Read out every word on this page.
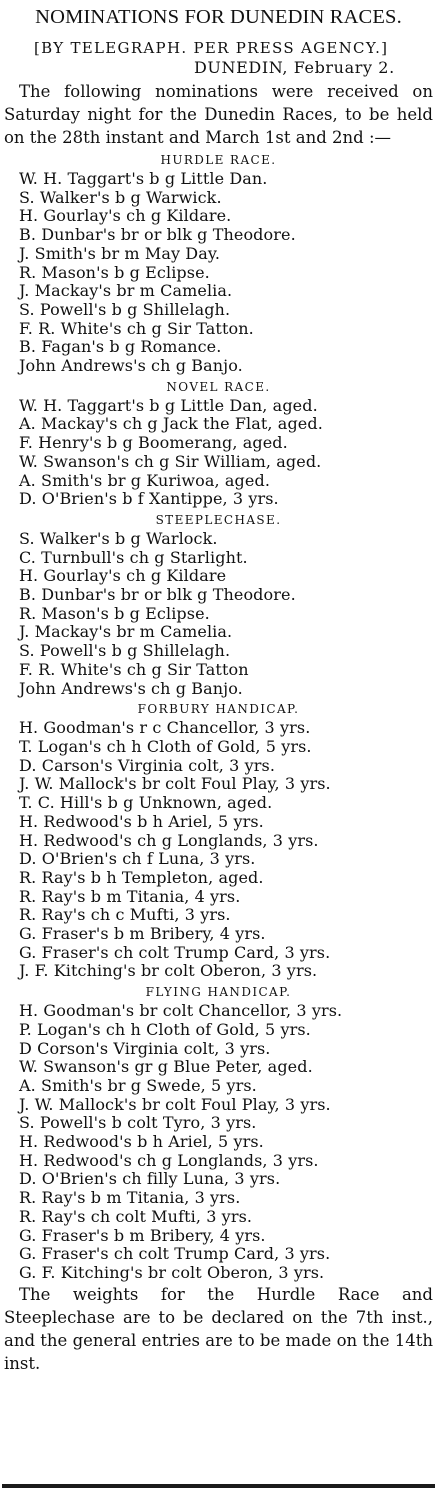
NOMINATIONS FOR DUNEDIN RACES.
[BY TELEGRAPH. PER PRESS AGENCY.]
DUNEDIN, February 2.

The following nominations were received on Saturday night for the Dunedin Races, to be held on the 28th instant and March 1st and 2nd :—

HURDLE RACE.
W. H. Taggart's b g Little Dan.
S. Walker's b g Warwick.
H. Gourlay's ch g Kildare.
B. Dunbar's br or blk g Theodore.
J. Smith's br m May Day.
R. Mason's b g Eclipse.
J. Mackay's br m Camelia.
S. Powell's b g Shillelagh.
F. R. White's ch g Sir Tatton.
B. Fagan's b g Romance.
John Andrews's ch g Banjo.
NOVEL RACE.
W. H. Taggart's b g Little Dan, aged.
A. Mackay's ch g Jack the Flat, aged.
F. Henry's b g Boomerang, aged.
W. Swanson's ch g Sir William, aged.
A. Smith's br g Kuriwoa, aged.
D. O'Brien's b f Xantippe, 3 yrs.
STEEPLECHASE.
S. Walker's b g Warlock.
C. Turnbull's ch g Starlight.
H. Gourlay's ch g Kildare
B. Dunbar's br or blk g Theodore.
R. Mason's b g Eclipse.
J. Mackay's br m Camelia.
S. Powell's b g Shillelagh.
F. R. White's ch g Sir Tatton
John Andrews's ch g Banjo.
FORBURY HANDICAP.
H. Goodman's r c Chancellor, 3 yrs.
T. Logan's ch h Cloth of Gold, 5 yrs.
D. Carson's Virginia colt, 3 yrs.
J. W. Mallock's br colt Foul Play, 3 yrs.
T. C. Hill's b g Unknown, aged.
H. Redwood's b h Ariel, 5 yrs.
H. Redwood's ch g Longlands, 3 yrs.
D. O'Brien's ch f Luna, 3 yrs.
R. Ray's b h Templeton, aged.
R. Ray's b m Titania, 4 yrs.
R. Ray's ch c Mufti, 3 yrs.
G. Fraser's b m Bribery, 4 yrs.
G. Fraser's ch colt Trump Card, 3 yrs.
J. F. Kitching's br colt Oberon, 3 yrs.
FLYING HANDICAP.
H. Goodman's br colt Chancellor, 3 yrs.
P. Logan's ch h Cloth of Gold, 5 yrs.
D Corson's Virginia colt, 3 yrs.
W. Swanson's gr g Blue Peter, aged.
A. Smith's br g Swede, 5 yrs.
J. W. Mallock's br colt Foul Play, 3 yrs.
S. Powell's b colt Tyro, 3 yrs.
H. Redwood's b h Ariel, 5 yrs.
H. Redwood's ch g Longlands, 3 yrs.
D. O'Brien's ch filly Luna, 3 yrs.
R. Ray's b m Titania, 3 yrs.
R. Ray's ch colt Mufti, 3 yrs.
G. Fraser's b m Bribery, 4 yrs.
G. Fraser's ch colt Trump Card, 3 yrs.
G. F. Kitching's br colt Oberon, 3 yrs.

The weights for the Hurdle Race and Steeplechase are to be declared on the 7th inst., and the general entries are to be made on the 14th inst.
